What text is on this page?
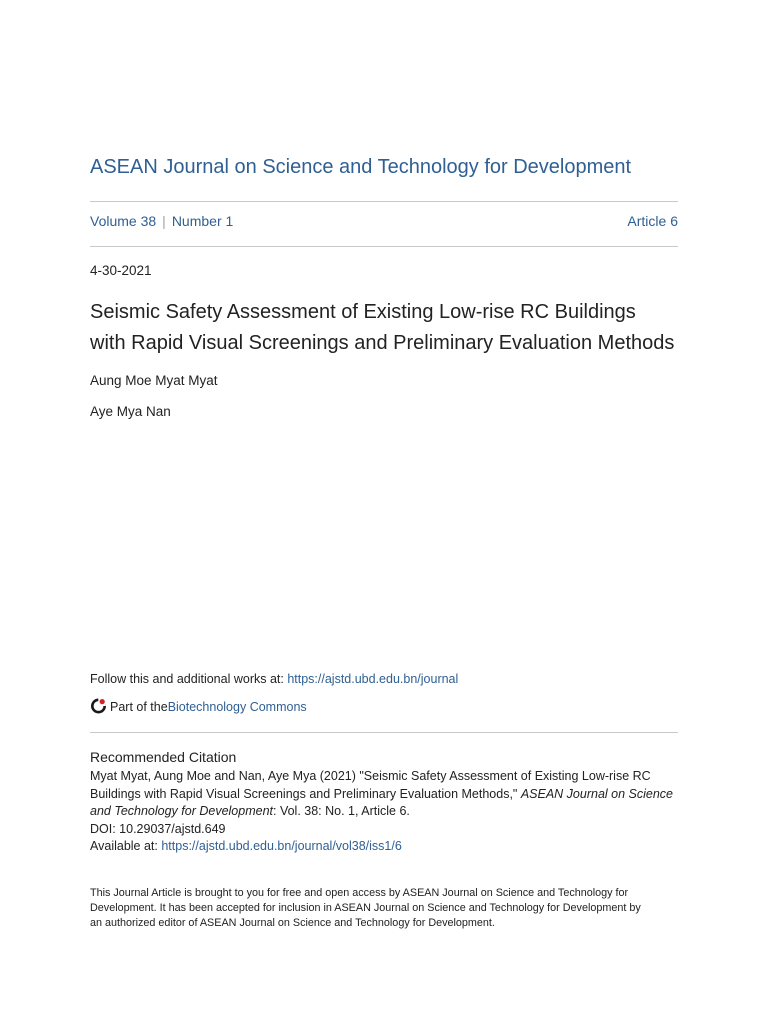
ASEAN Journal on Science and Technology for Development
Volume 38 | Number 1	Article 6
4-30-2021
Seismic Safety Assessment of Existing Low-rise RC Buildings
with Rapid Visual Screenings and Preliminary Evaluation Methods
Aung Moe Myat Myat
Aye Mya Nan
Follow this and additional works at: https://ajstd.ubd.edu.bn/journal
Part of the Biotechnology Commons
Recommended Citation
Myat Myat, Aung Moe and Nan, Aye Mya (2021) "Seismic Safety Assessment of Existing Low-rise RC
Buildings with Rapid Visual Screenings and Preliminary Evaluation Methods," ASEAN Journal on Science
and Technology for Development: Vol. 38: No. 1, Article 6.
DOI: 10.29037/ajstd.649
Available at: https://ajstd.ubd.edu.bn/journal/vol38/iss1/6
This Journal Article is brought to you for free and open access by ASEAN Journal on Science and Technology for
Development. It has been accepted for inclusion in ASEAN Journal on Science and Technology for Development by
an authorized editor of ASEAN Journal on Science and Technology for Development.
